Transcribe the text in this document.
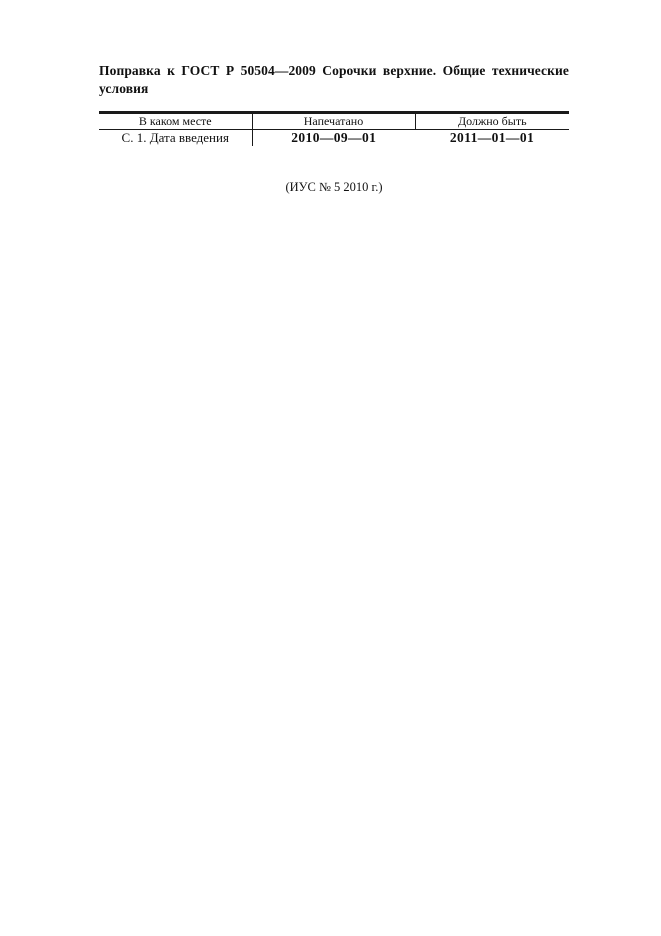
Поправка к ГОСТ Р 50504—2009 Сорочки верхние. Общие технические условия

В каком месте	Напечатано	Должно быть
С. 1. Дата введения	2010—09—01	2011—01—01
(ИУС № 5 2010 г.)
